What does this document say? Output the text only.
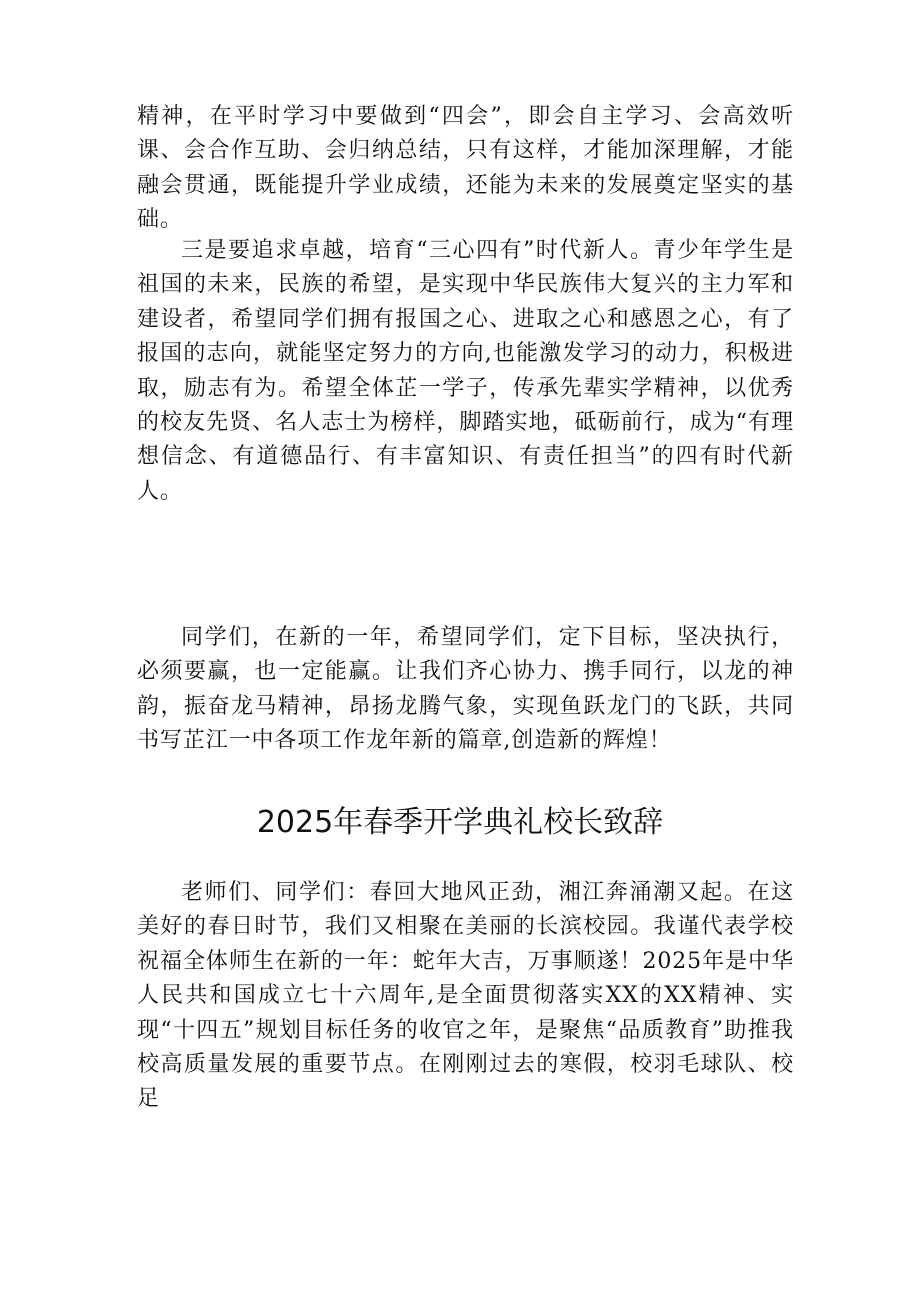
精神，在平时学习中要做到“四会”，即会自主学习、会高效听课、会合作互助、会归纳总结，只有这样，才能加深理解，才能融会贯通，既能提升学业成绩，还能为未来的发展奠定坚实的基础。

三是要追求卓越，培育“三心四有”时代新人。青少年学生是祖国的未来，民族的希望，是实现中华民族伟大复兴的主力军和建设者，希望同学们拥有报国之心、进取之心和感恩之心，有了报国的志向，就能坚定努力的方向,也能激发学习的动力，积极进取，励志有为。希望全体芷一学子，传承先辈实学精神，以优秀的校友先贤、名人志士为榜样，脚踏实地，砥砺前行，成为“有理想信念、有道德品行、有丰富知识、有责任担当”的四有时代新人。

同学们，在新的一年，希望同学们，定下目标，坚决执行，必须要赢，也一定能赢。让我们齐心协力、携手同行，以龙的神韵，振奋龙马精神，昂扬龙腾气象，实现鱼跃龙门的飞跃，共同书写芷江一中各项工作龙年新的篇章,创造新的辉煌！

2025年春季开学典礼校长致辞

老师们、同学们：春回大地风正劲，湘江奔涌潮又起。在这美好的春日时节，我们又相聚在美丽的长滨校园。我谨代表学校祝福全体师生在新的一年：蛇年大吉，万事顺遂！2025年是中华人民共和国成立七十六周年,是全面贯彻落实XX的XX精神、实现“十四五”规划目标任务的收官之年，是聚焦“品质教育”助推我校高质量发展的重要节点。在刚刚过去的寒假，校羽毛球队、校足
